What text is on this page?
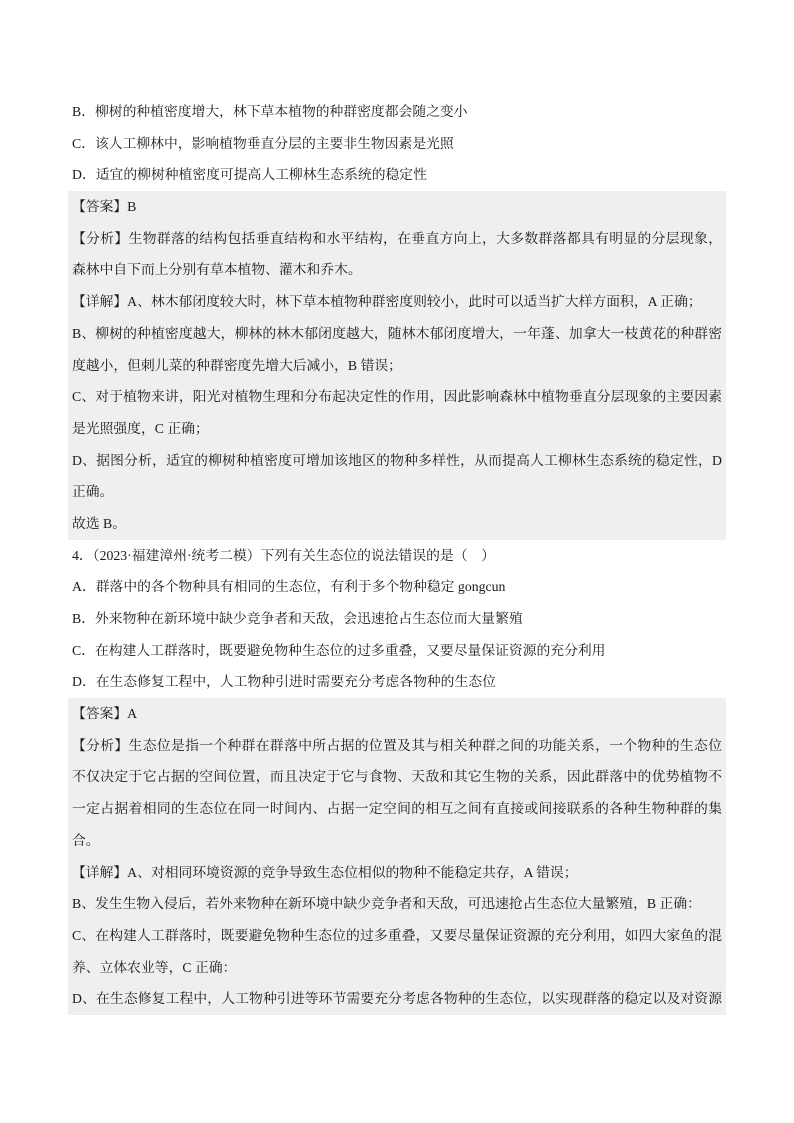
B．柳树的种植密度增大，林下草本植物的种群密度都会随之变小
C．该人工柳林中，影响植物垂直分层的主要非生物因素是光照
D．适宜的柳树种植密度可提高人工柳林生态系统的稳定性
【答案】B
【分析】生物群落的结构包括垂直结构和水平结构，在垂直方向上，大多数群落都具有明显的分层现象，
森林中自下而上分别有草本植物、灌木和乔木。
【详解】A、林木郁闭度较大时，林下草本植物种群密度则较小，此时可以适当扩大样方面积，A 正确；
B、柳树的种植密度越大，柳林的林木郁闭度越大，随林木郁闭度增大，一年蓬、加拿大一枝黄花的种群密
度越小，但刺儿菜的种群密度先增大后减小，B 错误；
C、对于植物来讲，阳光对植物生理和分布起决定性的作用，因此影响森林中植物垂直分层现象的主要因素
是光照强度，C 正确；
D、据图分析，适宜的柳树种植密度可增加该地区的物种多样性，从而提高人工柳林生态系统的稳定性，D
正确。
故选 B。
4．（2023·福建漳州·统考二模）下列有关生态位的说法错误的是（　）
A．群落中的各个物种具有相同的生态位，有利于多个物种稳定 gongcun
B．外来物种在新环境中缺少竞争者和天敌，会迅速抢占生态位而大量繁殖
C．在构建人工群落时，既要避免物种生态位的过多重叠，又要尽量保证资源的充分利用
D．在生态修复工程中，人工物种引进时需要充分考虑各物种的生态位
【答案】A
【分析】生态位是指一个种群在群落中所占据的位置及其与相关种群之间的功能关系，一个物种的生态位
不仅决定于它占据的空间位置，而且决定于它与食物、天敌和其它生物的关系，因此群落中的优势植物不
一定占据着相同的生态位在同一时间内、占据一定空间的相互之间有直接或间接联系的各种生物种群的集
合。
【详解】A、对相同环境资源的竞争导致生态位相似的物种不能稳定共存，A 错误；
B、发生生物入侵后，若外来物种在新环境中缺少竞争者和天敌，可迅速抢占生态位大量繁殖，B 正确：
C、在构建人工群落时，既要避免物种生态位的过多重叠，又要尽量保证资源的充分利用，如四大家鱼的混
养、立体农业等，C 正确：
D、在生态修复工程中，人工物种引进等环节需要充分考虑各物种的生态位，以实现群落的稳定以及对资源
